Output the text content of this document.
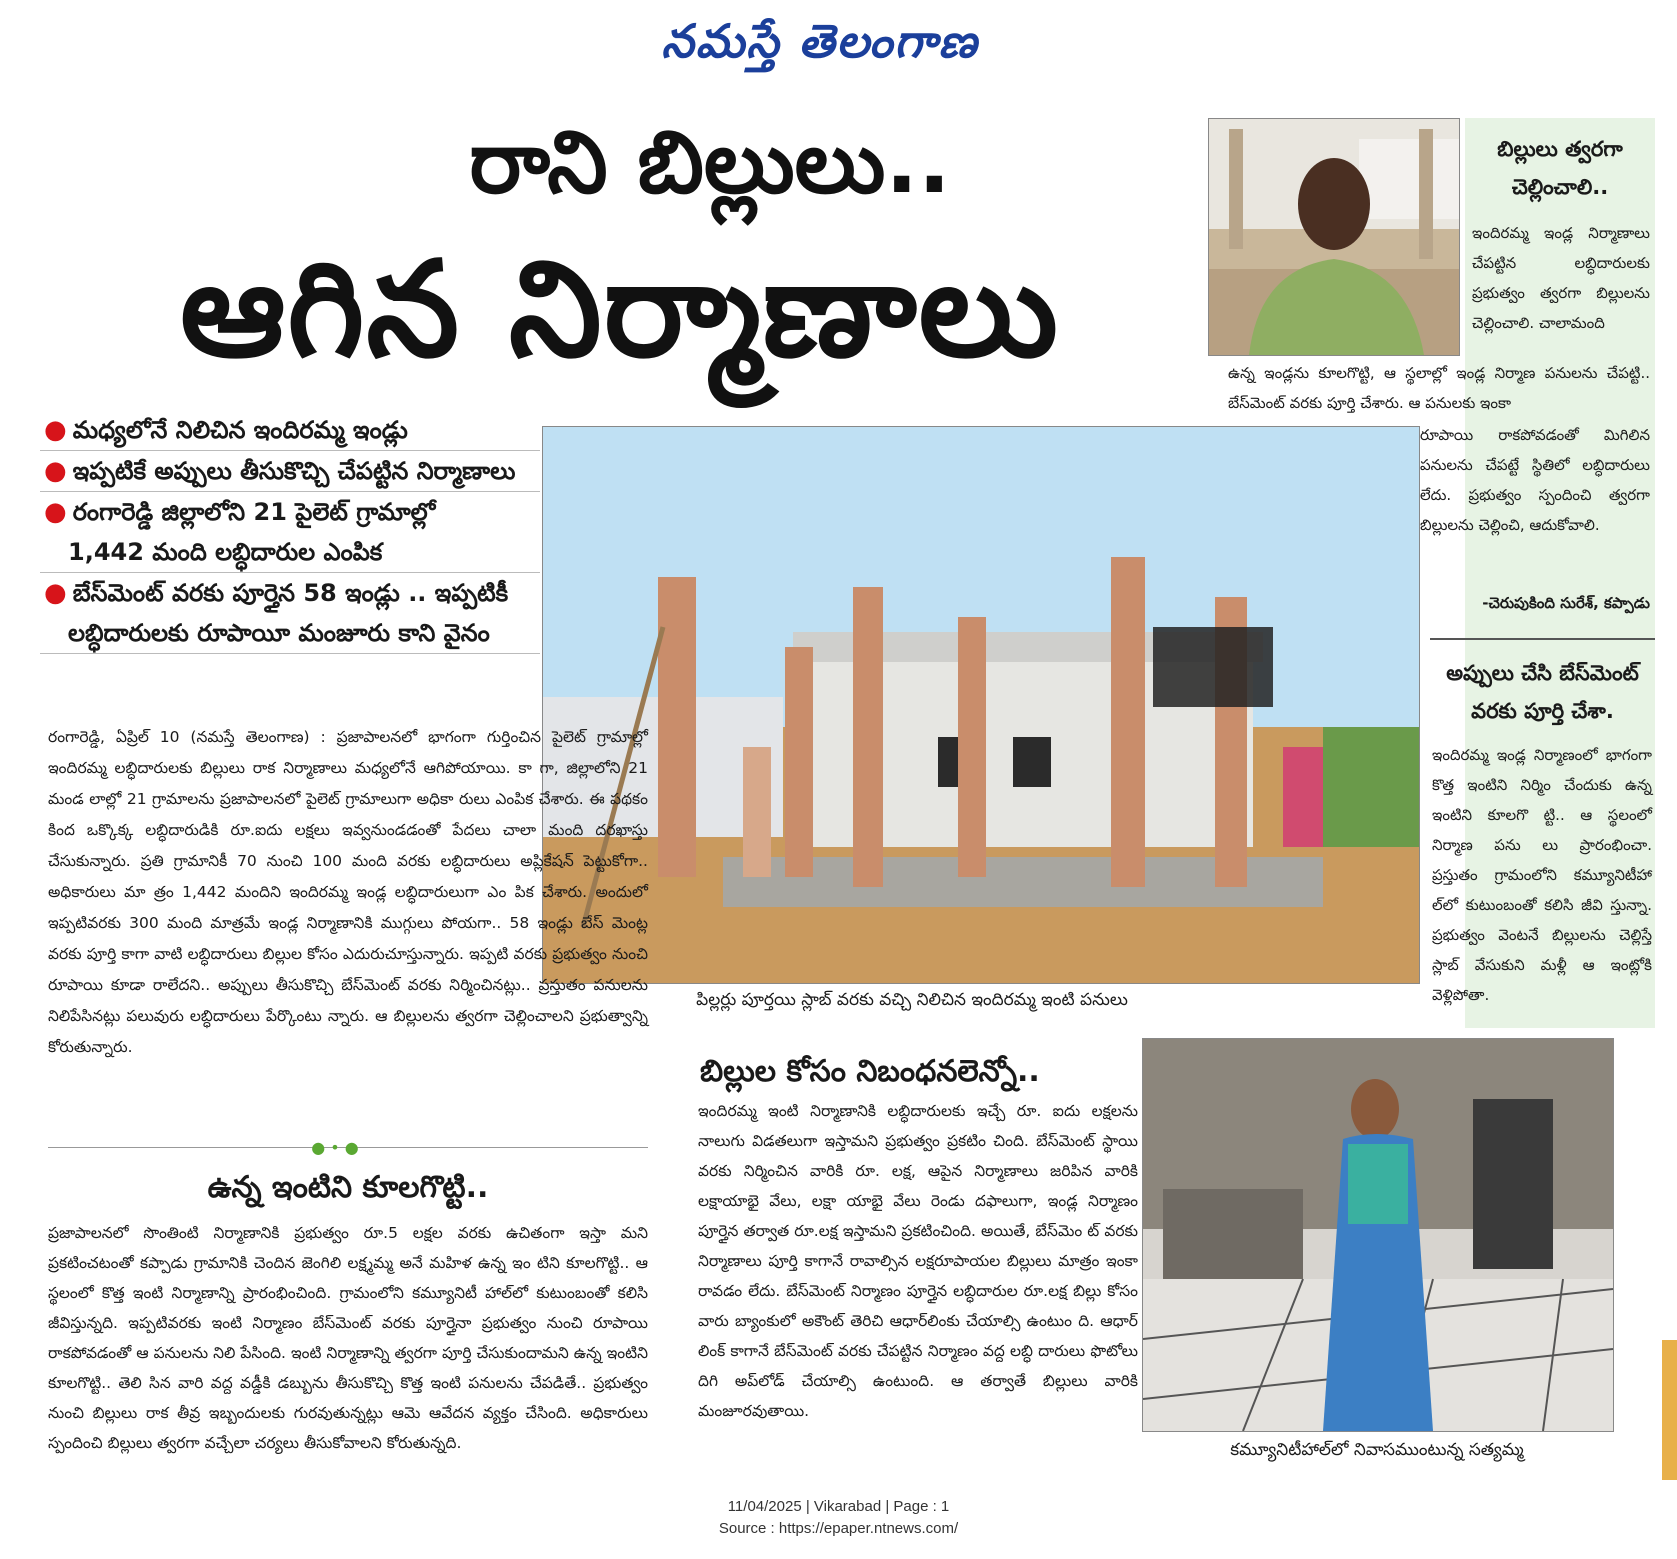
నమస్తే తెలంగాణ
రాని బిల్లులు..
ఆగిన నిర్మాణాలు
● మధ్యలోనే నిలిచిన ఇందిరమ్మ ఇండ్లు
● ఇప్పటికే అప్పులు తీసుకొచ్చి చేపట్టిన నిర్మాణాలు
● రంగారెడ్డి జిల్లాలోని 21 పైలెట్ గ్రామాల్లో
1,442 మంది లబ్ధిదారుల ఎంపిక
● బేస్‌మెంట్ వరకు పూర్తైన 58 ఇండ్లు .. ఇప్పటికీ
లబ్ధిదారులకు రూపాయీ మంజూరు కాని వైనం
బిల్లులు త్వరగా చెల్లించాలి..
ఇందిరమ్మ ఇండ్ల నిర్మాణాలు చేపట్టిన లబ్ధిదారులకు ప్రభుత్వం త్వరగా బిల్లులను చెల్లించాలి. చాలామంది
ఉన్న ఇండ్లను కూలగొట్టి, ఆ స్థలాల్లో ఇండ్ల నిర్మాణ పనులను చేపట్టి.. బేస్‌మెంట్ వరకు పూర్తి చేశారు. ఆ పనులకు ఇంకా
రూపాయి రాకపోవడంతో మిగిలిన పనులను చేపట్టే స్థితిలో లబ్ధిదారులు లేదు. ప్రభుత్వం స్పందించి త్వరగా బిల్లులను చెల్లించి, ఆదుకోవాలి.
-చెరుపుకింది సురేశ్, కప్పాడు
అప్పులు చేసి బేస్‌మెంట్ వరకు పూర్తి చేశా.
ఇందిరమ్మ ఇండ్ల నిర్మాణంలో భాగంగా కొత్త ఇంటిని నిర్మిం చేందుకు ఉన్న ఇంటిని కూలగొ ట్టి.. ఆ స్థలంలో నిర్మాణ పను లు ప్రారంభించా. ప్రస్తుతం గ్రామంలోని కమ్యూనిటీహా ల్‌లో కుటుంబంతో కలిసి జీవి స్తున్నా. ప్రభుత్వం వెంటనే బిల్లులను చెల్లిస్తే స్లాబ్ వేసుకుని మళ్లీ ఆ ఇంట్లోకి వెళ్లిపోతా.
పిల్లర్లు పూర్తయి స్లాబ్ వరకు వచ్చి నిలిచిన ఇందిరమ్మ ఇంటి పనులు
రంగారెడ్డి, ఏప్రిల్ 10 (నమస్తే తెలంగాణ) : ప్రజాపాలనలో భాగంగా గుర్తించిన పైలెట్ గ్రామాల్లో ఇందిరమ్మ లబ్ధిదారులకు బిల్లులు రాక నిర్మాణాలు మధ్యలోనే ఆగిపోయాయి. కా గా, జిల్లాలోని 21 మండ లాల్లో 21 గ్రామాలను ప్రజాపాలనలో పైలెట్ గ్రామాలుగా అధికా రులు ఎంపిక చేశారు. ఈ పథకం కింద ఒక్కొక్క లబ్ధిదారుడికి రూ.ఐదు లక్షలు ఇవ్వనుండడంతో పేదలు చాలా మంది దరఖాస్తు చేసుకున్నారు. ప్రతి గ్రామానికీ 70 నుంచి 100 మంది వరకు లబ్ధిదారులు అప్లికేషన్ పెట్టుకోగా.. అధికారులు మా త్రం 1,442 మందిని ఇందిరమ్మ ఇండ్ల లబ్ధిదారులుగా ఎం పిక చేశారు. అందులో ఇప్పటివరకు 300 మంది మాత్రమే ఇండ్ల నిర్మాణానికి ముగ్గులు పోయగా.. 58 ఇండ్లు బేస్ మెంట్ల వరకు పూర్తి కాగా వాటి లబ్ధిదారులు బిల్లుల కోసం ఎదురుచూస్తున్నారు. ఇప్పటి వరకు ప్రభుత్వం నుంచి రూపాయి కూడా రాలేదని.. అప్పులు తీసుకొచ్చి బేస్‌మెంట్ వరకు నిర్మించినట్లు.. ప్రస్తుతం పనులను నిలిపేసినట్లు పలువురు లబ్ధిదారులు పేర్కొంటు న్నారు. ఆ బిల్లులను త్వరగా చెల్లించాలని ప్రభుత్వాన్ని కోరుతున్నారు.
● • ●
ఉన్న ఇంటిని కూలగొట్టి..
ప్రజాపాలనలో సొంతింటి నిర్మాణానికి ప్రభుత్వం రూ.5 లక్షల వరకు ఉచితంగా ఇస్తా మని ప్రకటించటంతో కప్పాడు గ్రామానికి చెందిన జెంగిలి లక్ష్మమ్మ అనే మహిళ ఉన్న ఇం టిని కూలగొట్టి.. ఆ స్థలంలో కొత్త ఇంటి నిర్మాణాన్ని ప్రారంభించింది. గ్రామంలోని కమ్యూనిటీ హాల్‌లో కుటుంబంతో కలిసి జీవిస్తున్నది. ఇప్పటివరకు ఇంటి నిర్మాణం బేస్‌మెంట్ వరకు పూర్తైనా ప్రభుత్వం నుంచి రూపాయి రాకపోవడంతో ఆ పనులను నిలి పేసింది. ఇంటి నిర్మాణాన్ని త్వరగా పూర్తి చేసుకుందామని ఉన్న ఇంటిని కూలగొట్టి.. తెలి సిన వారి వద్ద వడ్డీకి డబ్బును తీసుకొచ్చి కొత్త ఇంటి పనులను చేపడితే.. ప్రభుత్వం నుంచి బిల్లులు రాక తీవ్ర ఇబ్బందులకు గురవుతున్నట్లు ఆమె ఆవేదన వ్యక్తం చేసింది. అధికారులు స్పందించి బిల్లులు త్వరగా వచ్చేలా చర్యలు తీసుకోవాలని కోరుతున్నది.
బిల్లుల కోసం నిబంధనలెన్నో..
ఇందిరమ్మ ఇంటి నిర్మాణానికి లబ్ధిదారులకు ఇచ్చే రూ. ఐదు లక్షలను నాలుగు విడతలుగా ఇస్తామని ప్రభుత్వం ప్రకటిం చింది. బేస్‌మెంట్ స్థాయి వరకు నిర్మించిన వారికి రూ. లక్ష, ఆపైన నిర్మాణాలు జరిపిన వారికి లక్షాయాభై వేలు, లక్షా యాభై వేలు రెండు దఫాలుగా, ఇండ్ల నిర్మాణం పూర్తైన తర్వాత రూ.లక్ష ఇస్తామని ప్రకటించింది. అయితే, బేస్‌మెం ట్ వరకు నిర్మాణాలు పూర్తి కాగానే రావాల్సిన లక్షరూపాయల బిల్లులు మాత్రం ఇంకా రావడం లేదు. బేస్‌మెంట్ నిర్మాణం పూర్తైన లబ్ధిదారుల రూ.లక్ష బిల్లు కోసం వారు బ్యాంకులో అకౌంట్ తెరిచి ఆధార్‌లింకు చేయాల్సి ఉంటుం ది. ఆధార్ లింక్ కాగానే బేస్‌మెంట్ వరకు చేపట్టిన నిర్మాణం వద్ద లబ్ధి దారులు ఫొటోలు దిగి అప్‌లోడ్ చేయాల్సి ఉంటుంది. ఆ తర్వాతే బిల్లులు వారికి మంజూరవుతాయి.
కమ్యూనిటీహాల్‌లో నివాసముంటున్న సత్యమ్మ
11/04/2025 | Vikarabad | Page : 1
Source : https://epaper.ntnews.com/
